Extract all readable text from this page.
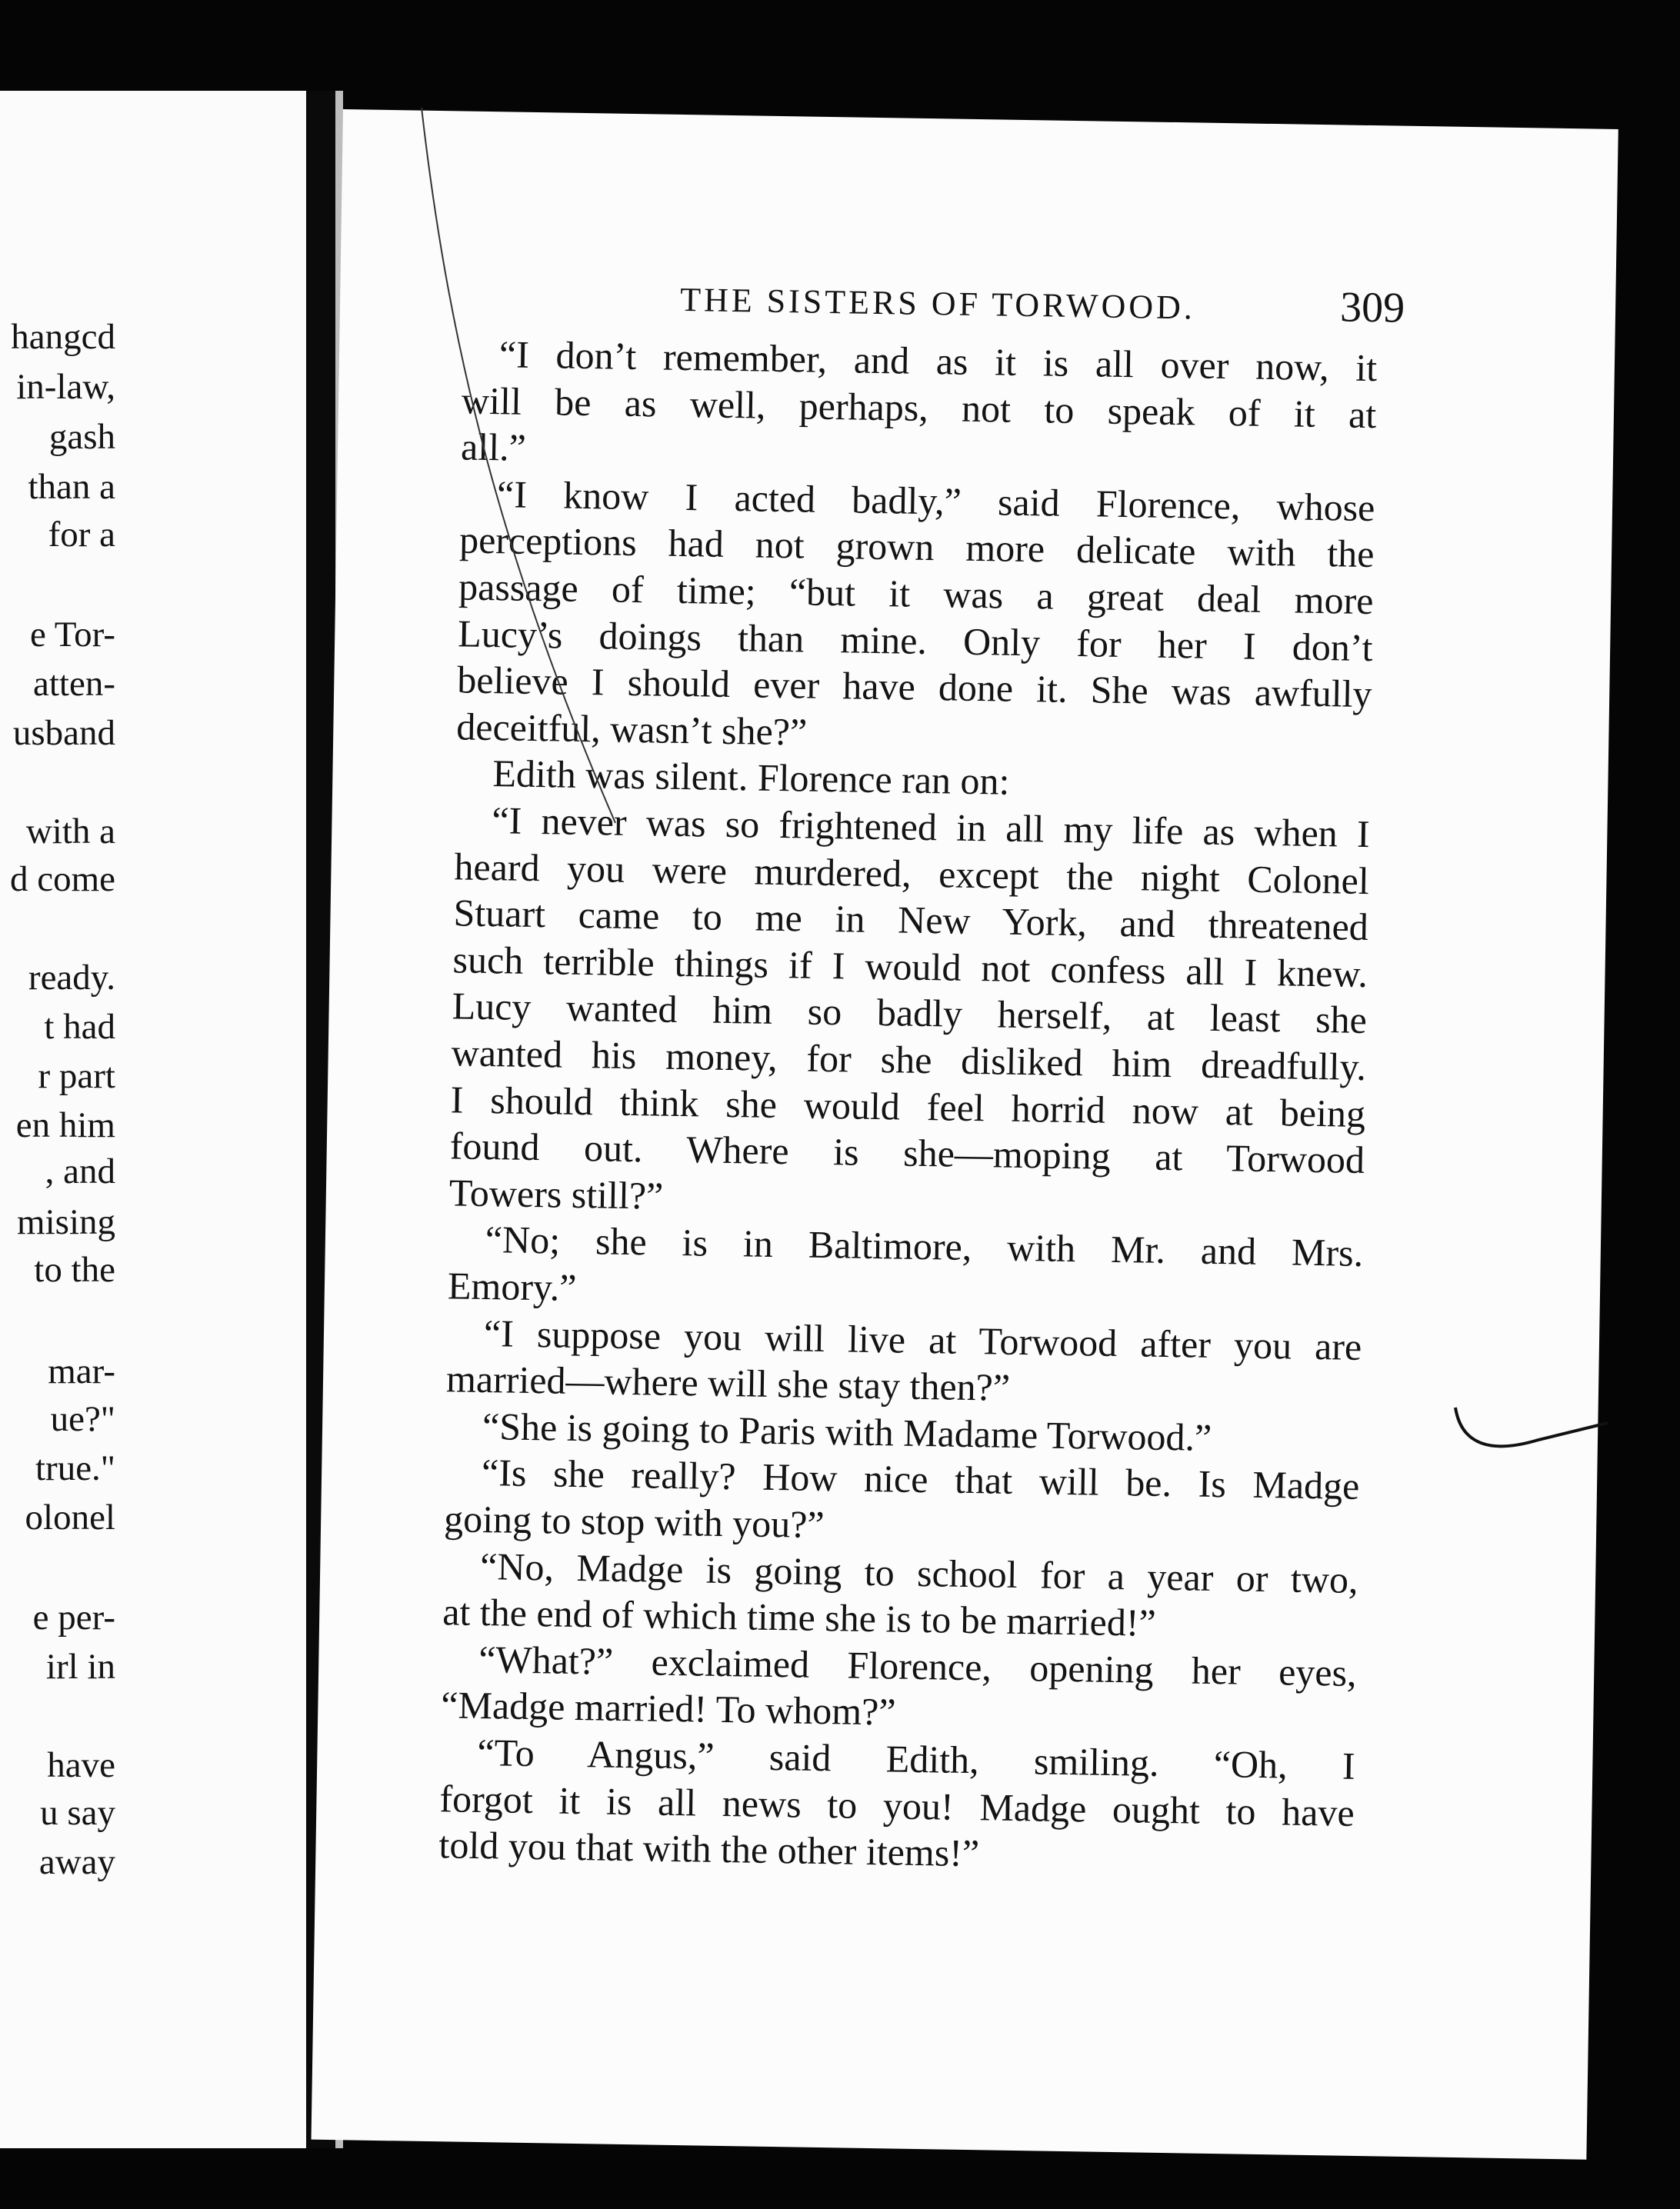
hangcd
in-law,
gash
than a
for a
e Tor-
atten-
usband
with a
d come
ready.
t had
r part
en him
, and
mising
to the
mar-
ue?"
true."
olonel
e per-
irl in
have
u say
away
THE SISTERS OF TORWOOD.	309
“I don’t remember, and as it is all over now, it
will be as well, perhaps, not to speak of it at
all.”
“I know I acted badly,” said Florence, whose
perceptions had not grown more delicate with the
passage of time; “but it was a great deal more
Lucy’s doings than mine. Only for her I don’t
believe I should ever have done it. She was awfully
deceitful, wasn’t she?”
Edith was silent. Florence ran on:
“I never was so frightened in all my life as when I
heard you were murdered, except the night Colonel
Stuart came to me in New York, and threatened
such terrible things if I would not confess all I knew.
Lucy wanted him so badly herself, at least she
wanted his money, for she disliked him dreadfully.
I should think she would feel horrid now at being
found out. Where is she—moping at Torwood
Towers still?”
“No; she is in Baltimore, with Mr. and Mrs.
Emory.”
“I suppose you will live at Torwood after you are
married—where will she stay then?”
“She is going to Paris with Madame Torwood.”
“Is she really? How nice that will be. Is Madge
going to stop with you?”
“No, Madge is going to school for a year or two,
at the end of which time she is to be married!”
“What?” exclaimed Florence, opening her eyes,
“Madge married! To whom?”
“To Angus,” said Edith, smiling. “Oh, I
forgot it is all news to you! Madge ought to have
told you that with the other items!”
